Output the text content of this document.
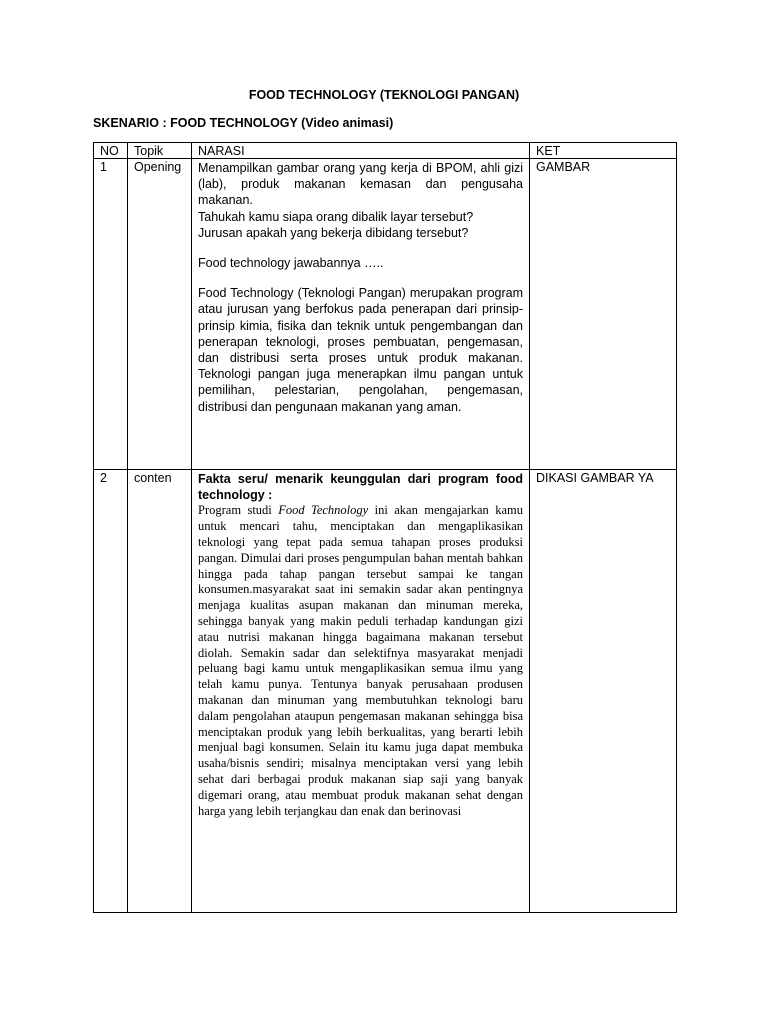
FOOD TECHNOLOGY (TEKNOLOGI PANGAN)
SKENARIO : FOOD TECHNOLOGY (Video animasi)
NO	Topik	NARASI	KET
1	Opening	Menampilkan gambar orang yang kerja di BPOM, ahli gizi (lab), produk makanan kemasan dan pengusaha makanan.

Tahukah kamu siapa orang dibalik layar tersebut?

Jurusan apakah yang bekerja dibidang tersebut?

Food technology jawabannya …..

Food Technology (Teknologi Pangan) merupakan program atau jurusan yang berfokus pada penerapan dari prinsip-prinsip kimia, fisika dan teknik untuk pengembangan dan penerapan teknologi, proses pembuatan, pengemasan, dan distribusi serta proses untuk produk makanan. Teknologi pangan juga menerapkan ilmu pangan untuk pemilihan, pelestarian, pengolahan, pengemasan, distribusi dan pengunaan makanan yang aman.	GAMBAR
2	conten	Fakta seru/ menarik keunggulan dari program food technology :

Program studi Food Technology ini akan mengajarkan kamu untuk mencari tahu, menciptakan dan mengaplikasikan teknologi yang tepat pada semua tahapan proses produksi pangan. Dimulai dari proses pengumpulan bahan mentah bahkan hingga pada tahap pangan tersebut sampai ke tangan konsumen.masyarakat saat ini semakin sadar akan pentingnya menjaga kualitas asupan makanan dan minuman mereka, sehingga banyak yang makin peduli terhadap kandungan gizi atau nutrisi makanan hingga bagaimana makanan tersebut diolah. Semakin sadar dan selektifnya masyarakat menjadi peluang bagi kamu untuk mengaplikasikan semua ilmu yang telah kamu punya. Tentunya banyak perusahaan produsen makanan dan minuman yang membutuhkan teknologi baru dalam pengolahan ataupun pengemasan makanan sehingga bisa menciptakan produk yang lebih berkualitas, yang berarti lebih menjual bagi konsumen. Selain itu kamu juga dapat membuka usaha/bisnis sendiri; misalnya menciptakan versi yang lebih sehat dari berbagai produk makanan siap saji yang banyak digemari orang, atau membuat produk makanan sehat dengan harga yang lebih terjangkau dan enak dan berinovasi	DIKASI GAMBAR YA
